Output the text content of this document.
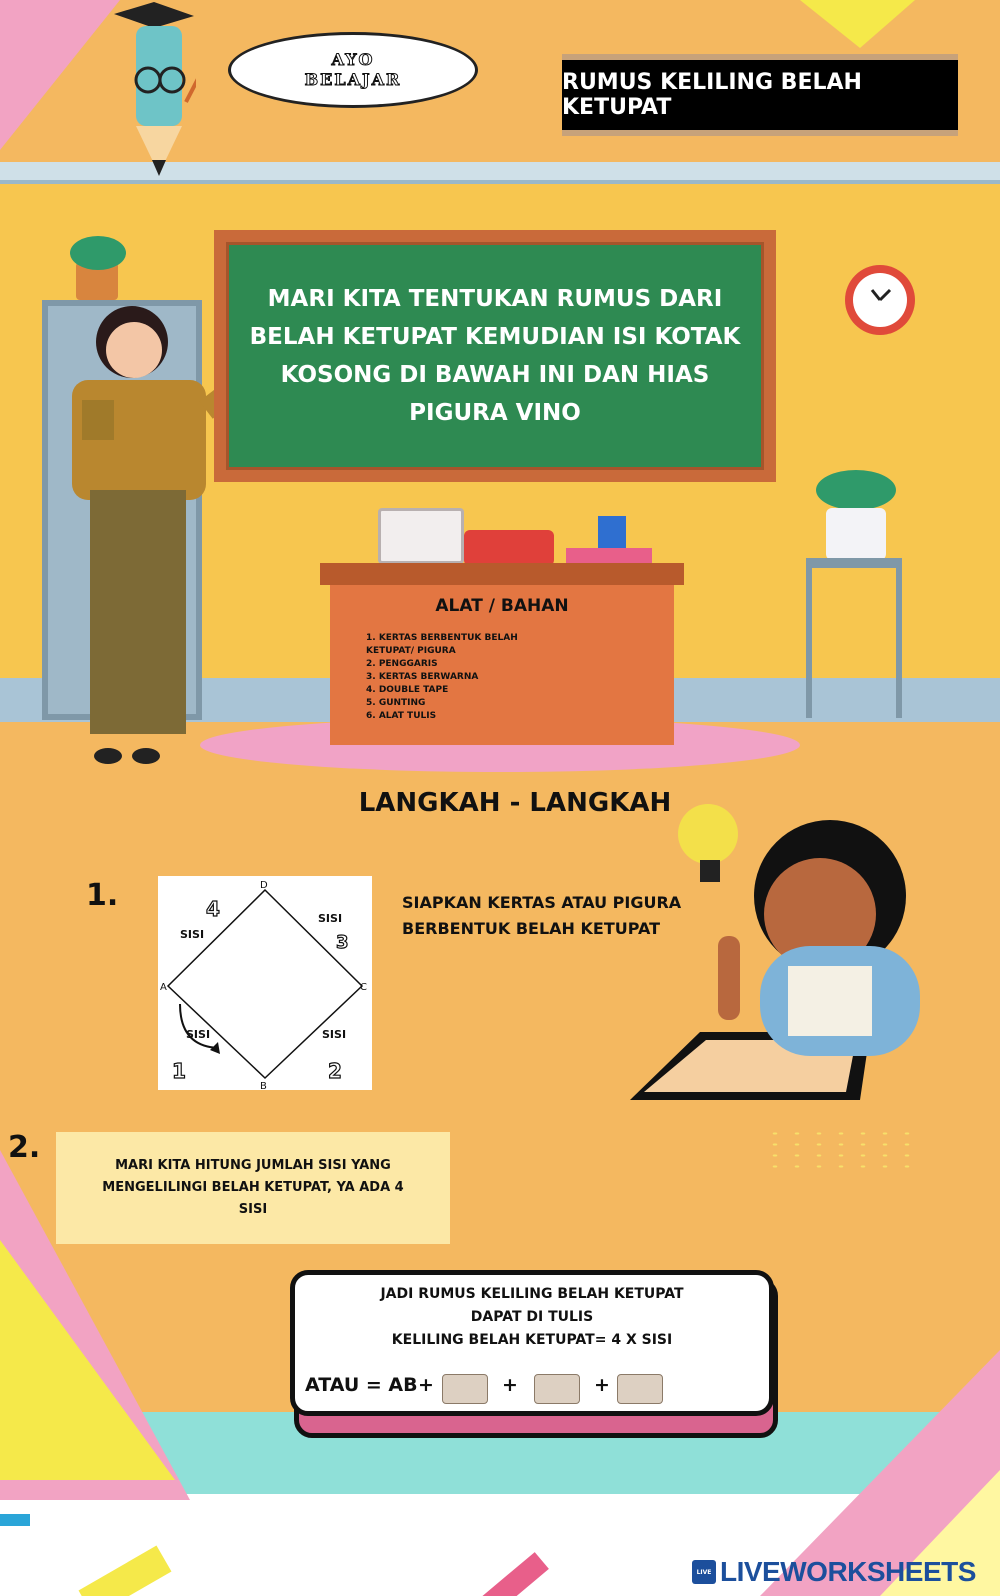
AYO
BELAJAR	RUMUS KELILING BELAH KETUPAT
MARI KITA TENTUKAN RUMUS DARI BELAH KETUPAT KEMUDIAN ISI KOTAK KOSONG DI BAWAH INI DAN HIAS PIGURA VINO
ALAT / BAHAN
1. KERTAS BERBENTUK BELAH
KETUPAT/ PIGURA
2. PENGGARIS
3. KERTAS BERWARNA
4. DOUBLE TAPE
5. GUNTING
6. ALAT TULIS
LANGKAH - LANGKAH
1.	D
A	C
B
SISI
SISI
SISI	SISI
1	2
3
4	SIAPKAN KERTAS ATAU PIGURA BERBENTUK BELAH KETUPAT
2.
MARI KITA HITUNG JUMLAH SISI YANG MENGELILINGI BELAH KETUPAT, YA ADA 4 SISI
JADI RUMUS KELILING BELAH KETUPAT
DAPAT DI TULIS
KELILING BELAH KETUPAT= 4 X SISI
ATAU = AB +	+	+
LIVE LIVEWORKSHEETS
